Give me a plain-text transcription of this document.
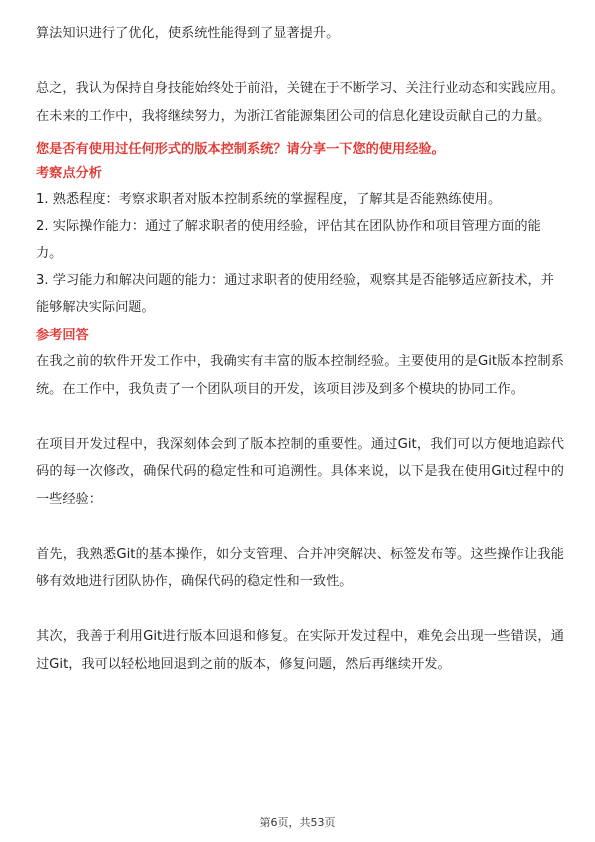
算法知识进行了优化，使系统性能得到了显著提升。

总之，我认为保持自身技能始终处于前沿，关键在于不断学习、关注行业动态和实践应用。在未来的工作中，我将继续努力，为浙江省能源集团公司的信息化建设贡献自己的力量。

您是否有使用过任何形式的版本控制系统？请分享一下您的使用经验。

考察点分析

1. 熟悉程度：考察求职者对版本控制系统的掌握程度，了解其是否能熟练使用。

2. 实际操作能力：通过了解求职者的使用经验，评估其在团队协作和项目管理方面的能力。

3. 学习能力和解决问题的能力：通过求职者的使用经验，观察其是否能够适应新技术，并能够解决实际问题。

参考回答

在我之前的软件开发工作中，我确实有丰富的版本控制经验。主要使用的是Git版本控制系统。在工作中，我负责了一个团队项目的开发，该项目涉及到多个模块的协同工作。

在项目开发过程中，我深刻体会到了版本控制的重要性。通过Git，我们可以方便地追踪代码的每一次修改，确保代码的稳定性和可追溯性。具体来说，以下是我在使用Git过程中的一些经验：

首先，我熟悉Git的基本操作，如分支管理、合并冲突解决、标签发布等。这些操作让我能够有效地进行团队协作，确保代码的稳定性和一致性。

其次，我善于利用Git进行版本回退和修复。在实际开发过程中，难免会出现一些错误，通过Git，我可以轻松地回退到之前的版本，修复问题，然后再继续开发。

第6页，共53页
